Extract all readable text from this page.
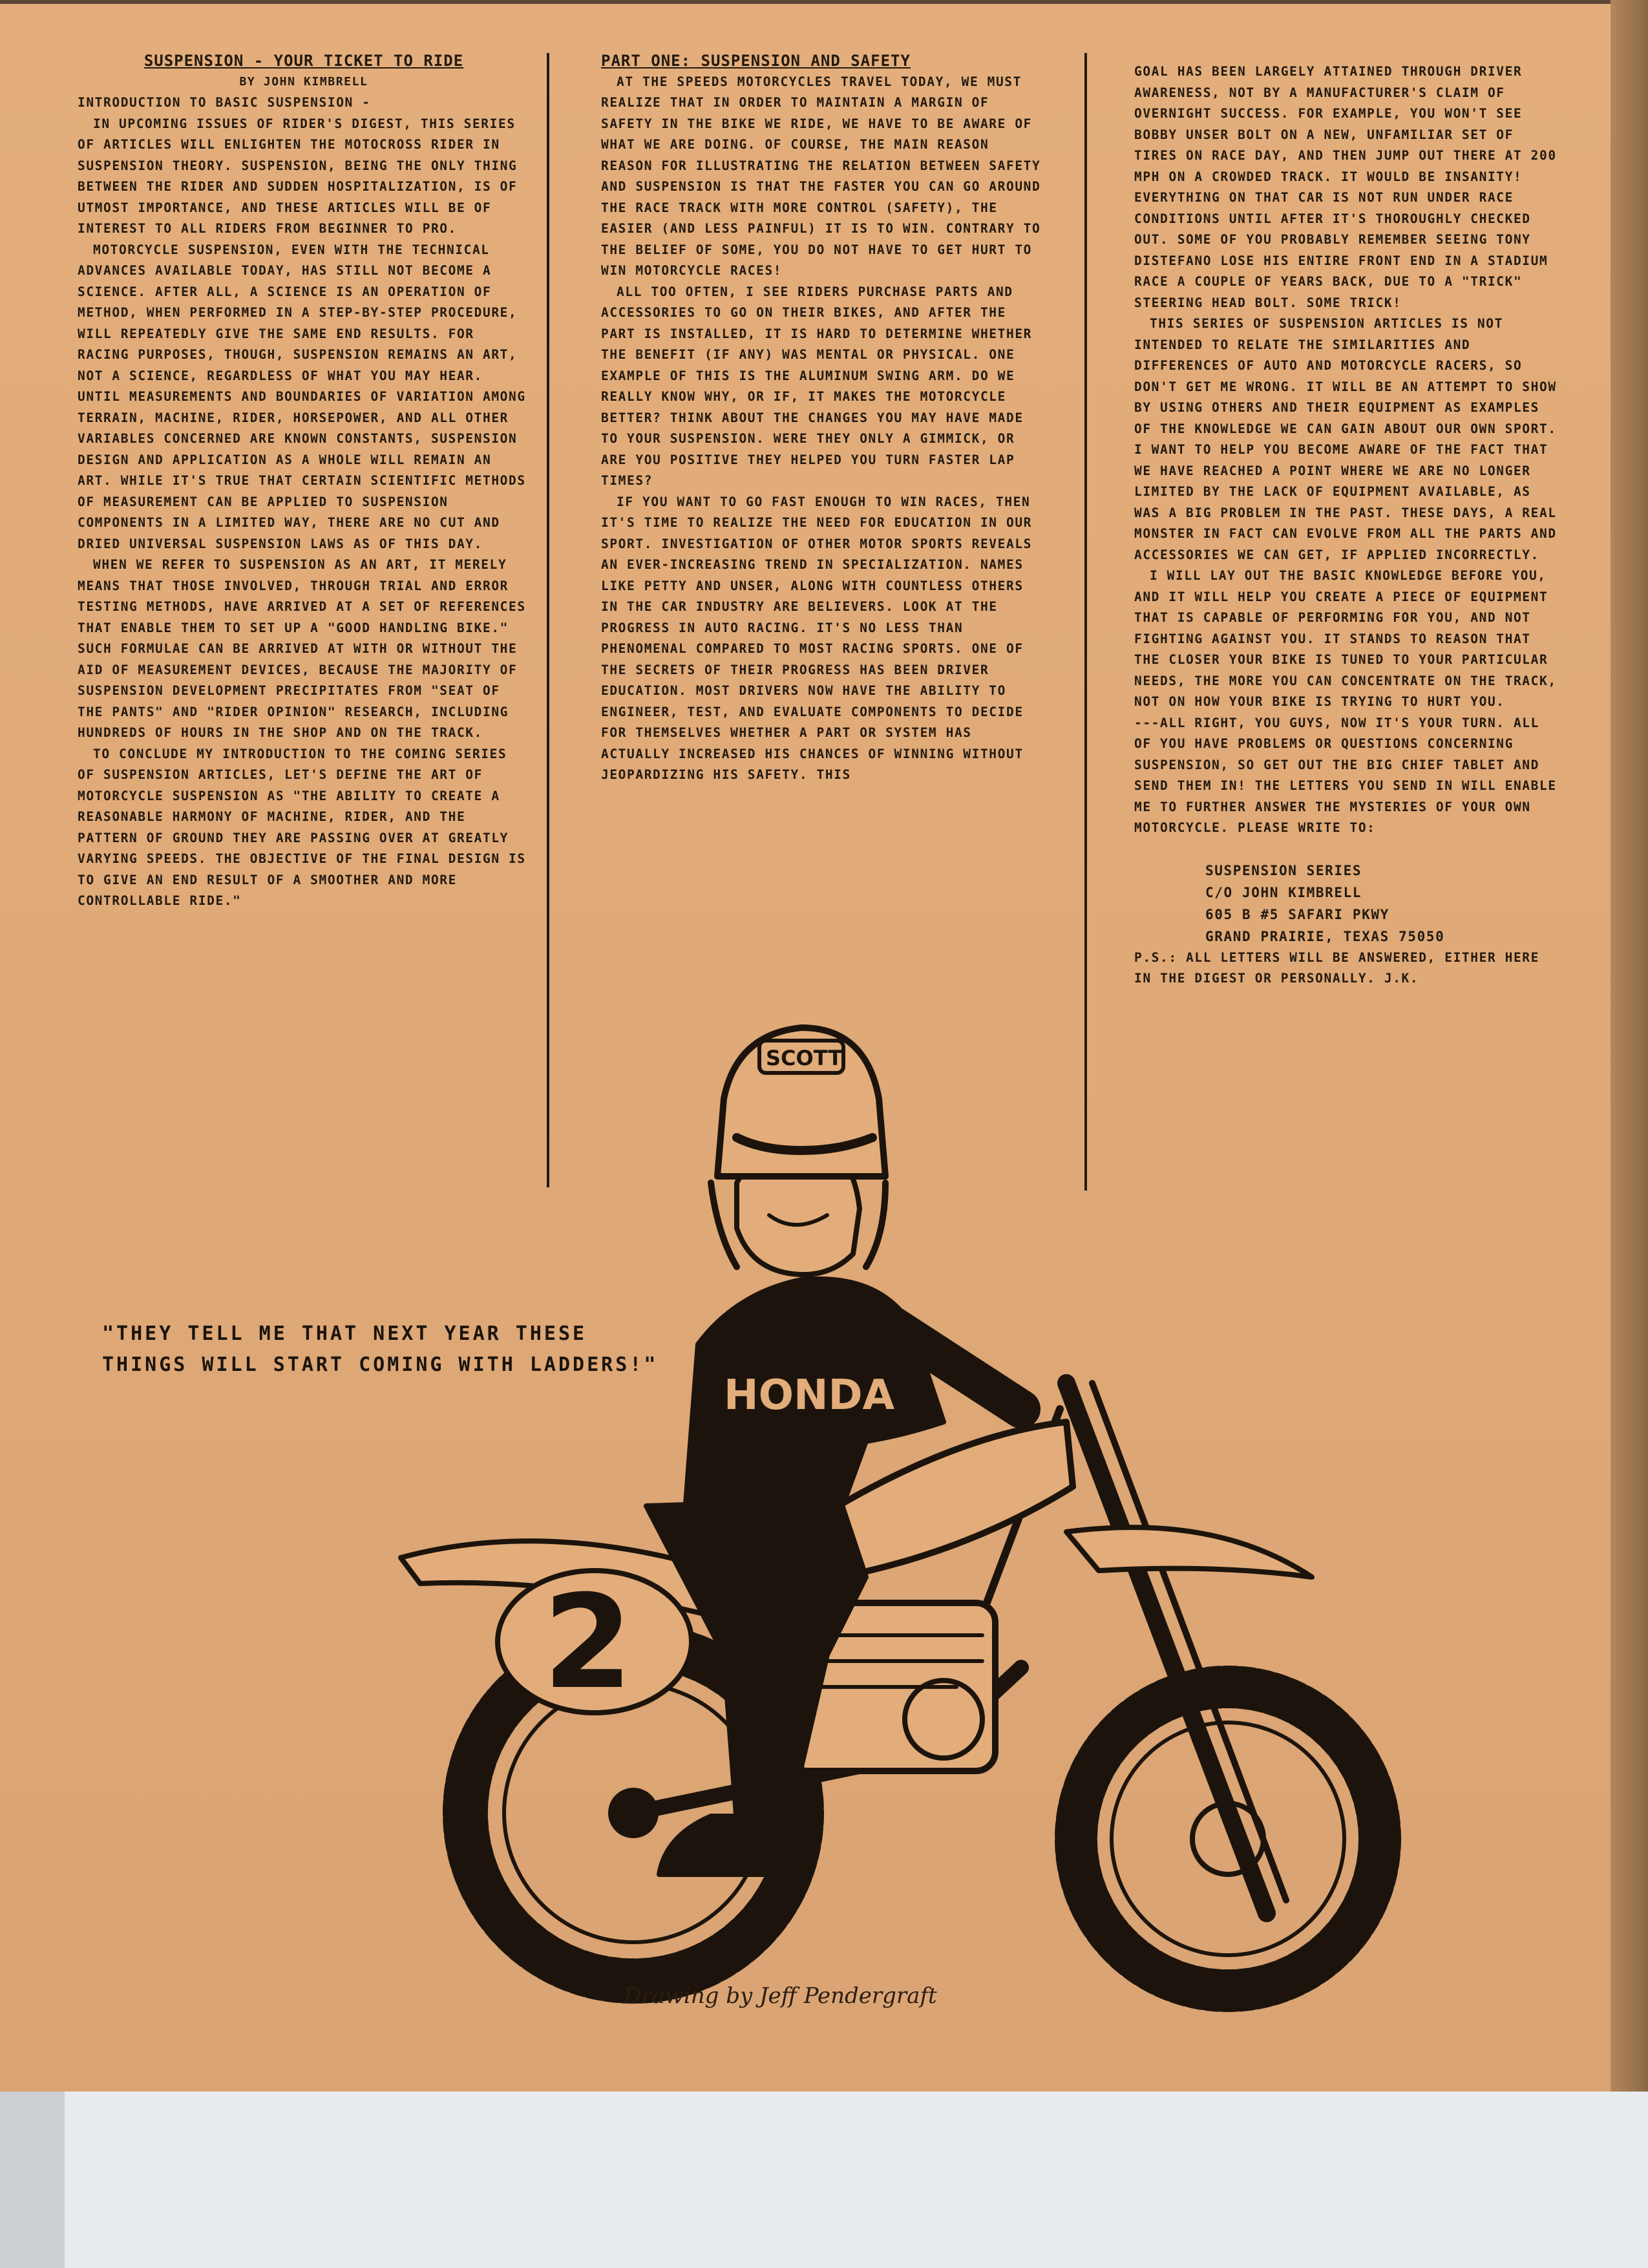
SUSPENSION - YOUR TICKET TO RIDE

BY JOHN KIMBRELL

INTRODUCTION TO BASIC SUSPENSION -

IN UPCOMING ISSUES OF RIDER'S DIGEST, THIS SERIES OF ARTICLES WILL ENLIGHTEN THE MOTOCROSS RIDER IN SUSPENSION THEORY. SUSPENSION, BEING THE ONLY THING BETWEEN THE RIDER AND SUDDEN HOSPITALIZATION, IS OF UTMOST IMPORTANCE, AND THESE ARTICLES WILL BE OF INTEREST TO ALL RIDERS FROM BEGINNER TO PRO.

MOTORCYCLE SUSPENSION, EVEN WITH THE TECHNICAL ADVANCES AVAILABLE TODAY, HAS STILL NOT BECOME A SCIENCE. AFTER ALL, A SCIENCE IS AN OPERATION OF METHOD, WHEN PERFORMED IN A STEP-BY-STEP PROCEDURE, WILL REPEATEDLY GIVE THE SAME END RESULTS. FOR RACING PURPOSES, THOUGH, SUSPENSION REMAINS AN ART, NOT A SCIENCE, REGARDLESS OF WHAT YOU MAY HEAR. UNTIL MEASUREMENTS AND BOUNDARIES OF VARIATION AMONG TERRAIN, MACHINE, RIDER, HORSEPOWER, AND ALL OTHER VARIABLES CONCERNED ARE KNOWN CONSTANTS, SUSPENSION DESIGN AND APPLICATION AS A WHOLE WILL REMAIN AN ART. WHILE IT'S TRUE THAT CERTAIN SCIENTIFIC METHODS OF MEASUREMENT CAN BE APPLIED TO SUSPENSION COMPONENTS IN A LIMITED WAY, THERE ARE NO CUT AND DRIED UNIVERSAL SUSPENSION LAWS AS OF THIS DAY.

WHEN WE REFER TO SUSPENSION AS AN ART, IT MERELY MEANS THAT THOSE INVOLVED, THROUGH TRIAL AND ERROR TESTING METHODS, HAVE ARRIVED AT A SET OF REFERENCES THAT ENABLE THEM TO SET UP A "GOOD HANDLING BIKE." SUCH FORMULAE CAN BE ARRIVED AT WITH OR WITHOUT THE AID OF MEASUREMENT DEVICES, BECAUSE THE MAJORITY OF SUSPENSION DEVELOPMENT PRECIPITATES FROM "SEAT OF THE PANTS" AND "RIDER OPINION" RESEARCH, INCLUDING HUNDREDS OF HOURS IN THE SHOP AND ON THE TRACK.

TO CONCLUDE MY INTRODUCTION TO THE COMING SERIES OF SUSPENSION ARTICLES, LET'S DEFINE THE ART OF MOTORCYCLE SUSPENSION AS "THE ABILITY TO CREATE A REASONABLE HARMONY OF MACHINE, RIDER, AND THE PATTERN OF GROUND THEY ARE PASSING OVER AT GREATLY VARYING SPEEDS. THE OBJECTIVE OF THE FINAL DESIGN IS TO GIVE AN END RESULT OF A SMOOTHER AND MORE CONTROLLABLE RIDE."

PART ONE: SUSPENSION AND SAFETY

AT THE SPEEDS MOTORCYCLES TRAVEL TODAY, WE MUST REALIZE THAT IN ORDER TO MAINTAIN A MARGIN OF SAFETY IN THE BIKE WE RIDE, WE HAVE TO BE AWARE OF WHAT WE ARE DOING. OF COURSE, THE MAIN REASON REASON FOR ILLUSTRATING THE RELATION BETWEEN SAFETY AND SUSPENSION IS THAT THE FASTER YOU CAN GO AROUND THE RACE TRACK WITH MORE CONTROL (SAFETY), THE EASIER (AND LESS PAINFUL) IT IS TO WIN. CONTRARY TO THE BELIEF OF SOME, YOU DO NOT HAVE TO GET HURT TO WIN MOTORCYCLE RACES!

ALL TOO OFTEN, I SEE RIDERS PURCHASE PARTS AND ACCESSORIES TO GO ON THEIR BIKES, AND AFTER THE PART IS INSTALLED, IT IS HARD TO DETERMINE WHETHER THE BENEFIT (IF ANY) WAS MENTAL OR PHYSICAL. ONE EXAMPLE OF THIS IS THE ALUMINUM SWING ARM. DO WE REALLY KNOW WHY, OR IF, IT MAKES THE MOTORCYCLE BETTER? THINK ABOUT THE CHANGES YOU MAY HAVE MADE TO YOUR SUSPENSION. WERE THEY ONLY A GIMMICK, OR ARE YOU POSITIVE THEY HELPED YOU TURN FASTER LAP TIMES?

IF YOU WANT TO GO FAST ENOUGH TO WIN RACES, THEN IT'S TIME TO REALIZE THE NEED FOR EDUCATION IN OUR SPORT. INVESTIGATION OF OTHER MOTOR SPORTS REVEALS AN EVER-INCREASING TREND IN SPECIALIZATION. NAMES LIKE PETTY AND UNSER, ALONG WITH COUNTLESS OTHERS IN THE CAR INDUSTRY ARE BELIEVERS. LOOK AT THE PROGRESS IN AUTO RACING. IT'S NO LESS THAN PHENOMENAL COMPARED TO MOST RACING SPORTS. ONE OF THE SECRETS OF THEIR PROGRESS HAS BEEN DRIVER EDUCATION. MOST DRIVERS NOW HAVE THE ABILITY TO ENGINEER, TEST, AND EVALUATE COMPONENTS TO DECIDE FOR THEMSELVES WHETHER A PART OR SYSTEM HAS ACTUALLY INCREASED HIS CHANCES OF WINNING WITHOUT JEOPARDIZING HIS SAFETY. THIS

GOAL HAS BEEN LARGELY ATTAINED THROUGH DRIVER AWARENESS, NOT BY A MANUFACTURER'S CLAIM OF OVERNIGHT SUCCESS. FOR EXAMPLE, YOU WON'T SEE BOBBY UNSER BOLT ON A NEW, UNFAMILIAR SET OF TIRES ON RACE DAY, AND THEN JUMP OUT THERE AT 200 MPH ON A CROWDED TRACK. IT WOULD BE INSANITY! EVERYTHING ON THAT CAR IS NOT RUN UNDER RACE CONDITIONS UNTIL AFTER IT'S THOROUGHLY CHECKED OUT. SOME OF YOU PROBABLY REMEMBER SEEING TONY DISTEFANO LOSE HIS ENTIRE FRONT END IN A STADIUM RACE A COUPLE OF YEARS BACK, DUE TO A "TRICK" STEERING HEAD BOLT. SOME TRICK!

THIS SERIES OF SUSPENSION ARTICLES IS NOT INTENDED TO RELATE THE SIMILARITIES AND DIFFERENCES OF AUTO AND MOTORCYCLE RACERS, SO DON'T GET ME WRONG. IT WILL BE AN ATTEMPT TO SHOW BY USING OTHERS AND THEIR EQUIPMENT AS EXAMPLES OF THE KNOWLEDGE WE CAN GAIN ABOUT OUR OWN SPORT. I WANT TO HELP YOU BECOME AWARE OF THE FACT THAT WE HAVE REACHED A POINT WHERE WE ARE NO LONGER LIMITED BY THE LACK OF EQUIPMENT AVAILABLE, AS WAS A BIG PROBLEM IN THE PAST. THESE DAYS, A REAL MONSTER IN FACT CAN EVOLVE FROM ALL THE PARTS AND ACCESSORIES WE CAN GET, IF APPLIED INCORRECTLY.

I WILL LAY OUT THE BASIC KNOWLEDGE BEFORE YOU, AND IT WILL HELP YOU CREATE A PIECE OF EQUIPMENT THAT IS CAPABLE OF PERFORMING FOR YOU, AND NOT FIGHTING AGAINST YOU. IT STANDS TO REASON THAT THE CLOSER YOUR BIKE IS TUNED TO YOUR PARTICULAR NEEDS, THE MORE YOU CAN CONCENTRATE ON THE TRACK, NOT ON HOW YOUR BIKE IS TRYING TO HURT YOU.

---ALL RIGHT, YOU GUYS, NOW IT'S YOUR TURN. ALL OF YOU HAVE PROBLEMS OR QUESTIONS CONCERNING SUSPENSION, SO GET OUT THE BIG CHIEF TABLET AND SEND THEM IN! THE LETTERS YOU SEND IN WILL ENABLE ME TO FURTHER ANSWER THE MYSTERIES OF YOUR OWN MOTORCYCLE. PLEASE WRITE TO:

SUSPENSION SERIES
C/O JOHN KIMBRELL
605 B #5 SAFARI PKWY
GRAND PRAIRIE, TEXAS 75050

P.S.: ALL LETTERS WILL BE ANSWERED, EITHER HERE IN THE DIGEST OR PERSONALLY. J.K.

"THEY TELL ME THAT NEXT YEAR THESE THINGS WILL START COMING WITH LADDERS!"
2
HONDA
SCOTT
Drawing by Jeff Pendergraft
